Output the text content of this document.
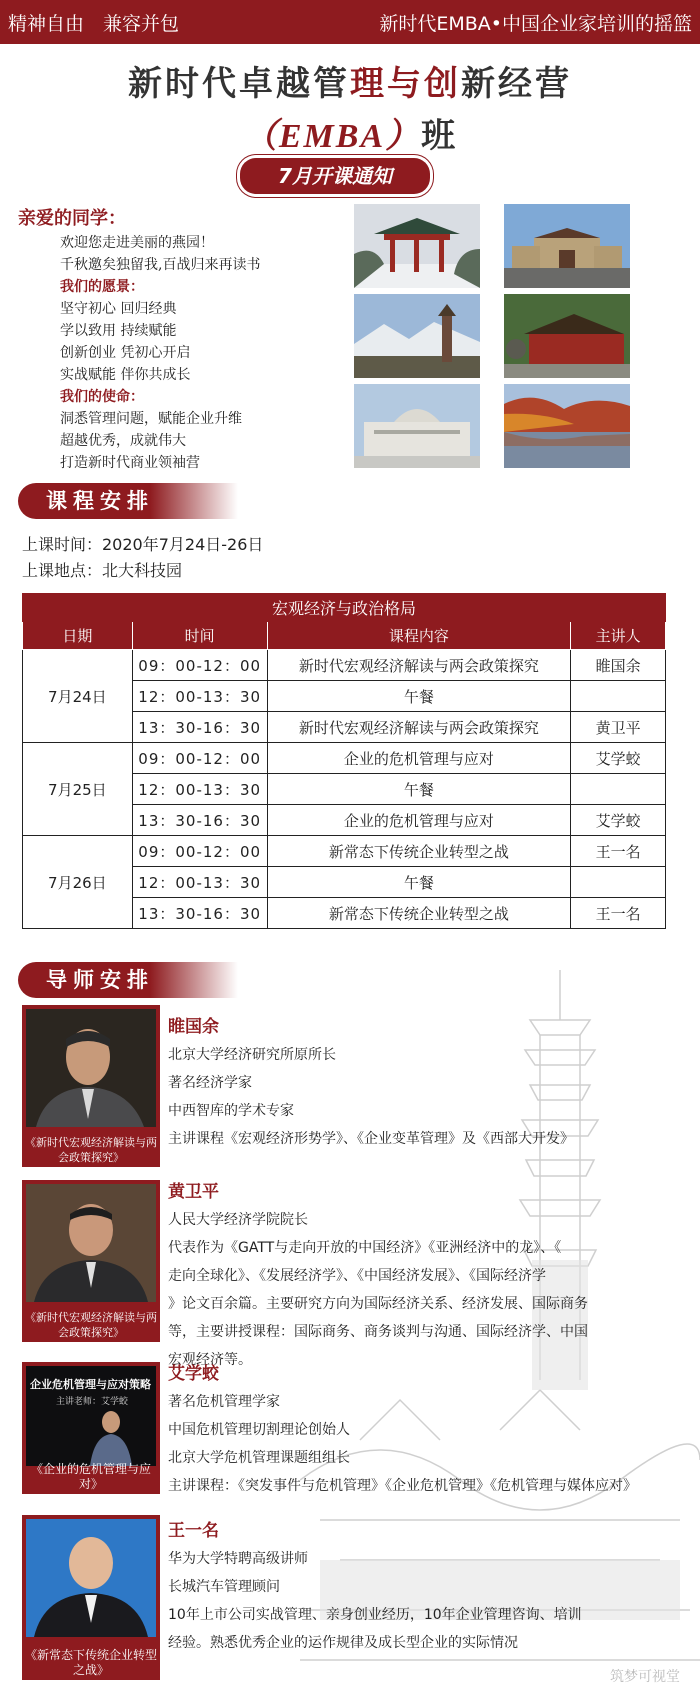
精神自由　兼容并包	新时代EMBA•中国企业家培训的摇篮
新时代卓越管理与创新经营
（EMBA）班
7月开课通知
亲爱的同学：
欢迎您走进美丽的燕园！
千秋邀矣独留我,百战归来再读书
我们的愿景：
坚守初心 回归经典
学以致用 持续赋能
创新创业 凭初心开启
实战赋能 伴你共成长
我们的使命：
洞悉管理问题，赋能企业升维
超越优秀，成就伟大
打造新时代商业领袖营
课程安排
上课时间：2020年7月24日-26日
上课地点：北大科技园
宏观经济与政治格局			
日期	时间	课程内容	主讲人
7月24日	09：00-12：00	新时代宏观经济解读与两会政策探究	睢国余
	12：00-13：30	午餐	
	13：30-16：30	新时代宏观经济解读与两会政策探究	黄卫平
7月25日	09：00-12：00	企业的危机管理与应对	艾学蛟
	12：00-13：30	午餐	
	13：30-16：30	企业的危机管理与应对	艾学蛟
7月26日	09：00-12：00	新常态下传统企业转型之战	王一名
	12：00-13：30	午餐	
	13：30-16：30	新常态下传统企业转型之战	王一名
导师安排
《新时代宏观经济解读与两会政策探究》
睢国余
北京大学经济研究所原所长
著名经济学家
中西智库的学术专家
主讲课程《宏观经济形势学》、《企业变革管理》及《西部大开发》
《新时代宏观经济解读与两会政策探究》
黄卫平
人民大学经济学院院长
代表作为《GATT与走向开放的中国经济》《亚洲经济中的龙》、《
走向全球化》、《发展经济学》、《中国经济发展》、《国际经济学
》论文百余篇。主要研究方向为国际经济关系、经济发展、国际商务
等，主要讲授课程：国际商务、商务谈判与沟通、国际经济学、中国
宏观经济等。
企业危机管理与应对策略
主讲老师：艾学蛟
《企业的危机管理与应对》
艾学蛟
著名危机管理学家
中国危机管理切割理论创始人
北京大学危机管理课题组组长
主讲课程：《突发事件与危机管理》《企业危机管理》《危机管理与媒体应对》
《新常态下传统企业转型之战》
王一名
华为大学特聘高级讲师
长城汽车管理顾问
10年上市公司实战管理、亲身创业经历，10年企业管理咨询、培训
经验。熟悉优秀企业的运作规律及成长型企业的实际情况
筑梦可视堂
